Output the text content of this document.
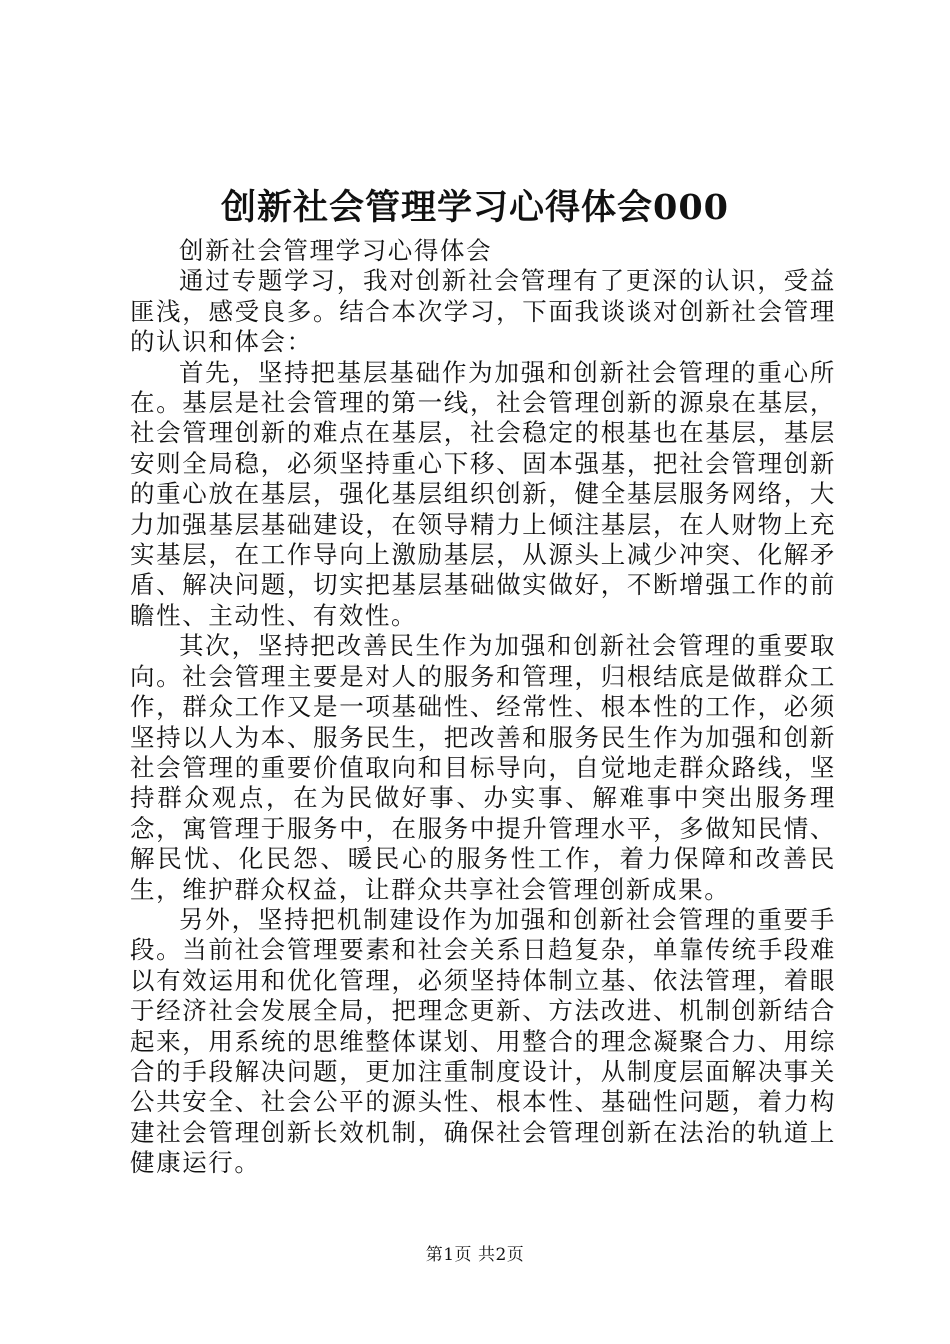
创新社会管理学习心得体会000

创新社会管理学习心得体会

通过专题学习，我对创新社会管理有了更深的认识，受益匪浅，感受良多。结合本次学习，下面我谈谈对创新社会管理的认识和体会：

首先，坚持把基层基础作为加强和创新社会管理的重心所在。基层是社会管理的第一线，社会管理创新的源泉在基层，社会管理创新的难点在基层，社会稳定的根基也在基层，基层安则全局稳，必须坚持重心下移、固本强基，把社会管理创新的重心放在基层，强化基层组织创新，健全基层服务网络，大力加强基层基础建设，在领导精力上倾注基层，在人财物上充实基层，在工作导向上激励基层，从源头上减少冲突、化解矛盾、解决问题，切实把基层基础做实做好，不断增强工作的前瞻性、主动性、有效性。

其次，坚持把改善民生作为加强和创新社会管理的重要取向。社会管理主要是对人的服务和管理，归根结底是做群众工作，群众工作又是一项基础性、经常性、根本性的工作，必须坚持以人为本、服务民生，把改善和服务民生作为加强和创新社会管理的重要价值取向和目标导向，自觉地走群众路线，坚持群众观点，在为民做好事、办实事、解难事中突出服务理念，寓管理于服务中，在服务中提升管理水平，多做知民情、解民忧、化民怨、暖民心的服务性工作，着力保障和改善民生，维护群众权益，让群众共享社会管理创新成果。

另外，坚持把机制建设作为加强和创新社会管理的重要手段。当前社会管理要素和社会关系日趋复杂，单靠传统手段难以有效运用和优化管理，必须坚持体制立基、依法管理，着眼于经济社会发展全局，把理念更新、方法改进、机制创新结合起来，用系统的思维整体谋划、用整合的理念凝聚合力、用综合的手段解决问题，更加注重制度设计，从制度层面解决事关公共安全、社会公平的源头性、根本性、基础性问题，着力构建社会管理创新长效机制，确保社会管理创新在法治的轨道上健康运行。

第1页 共2页
